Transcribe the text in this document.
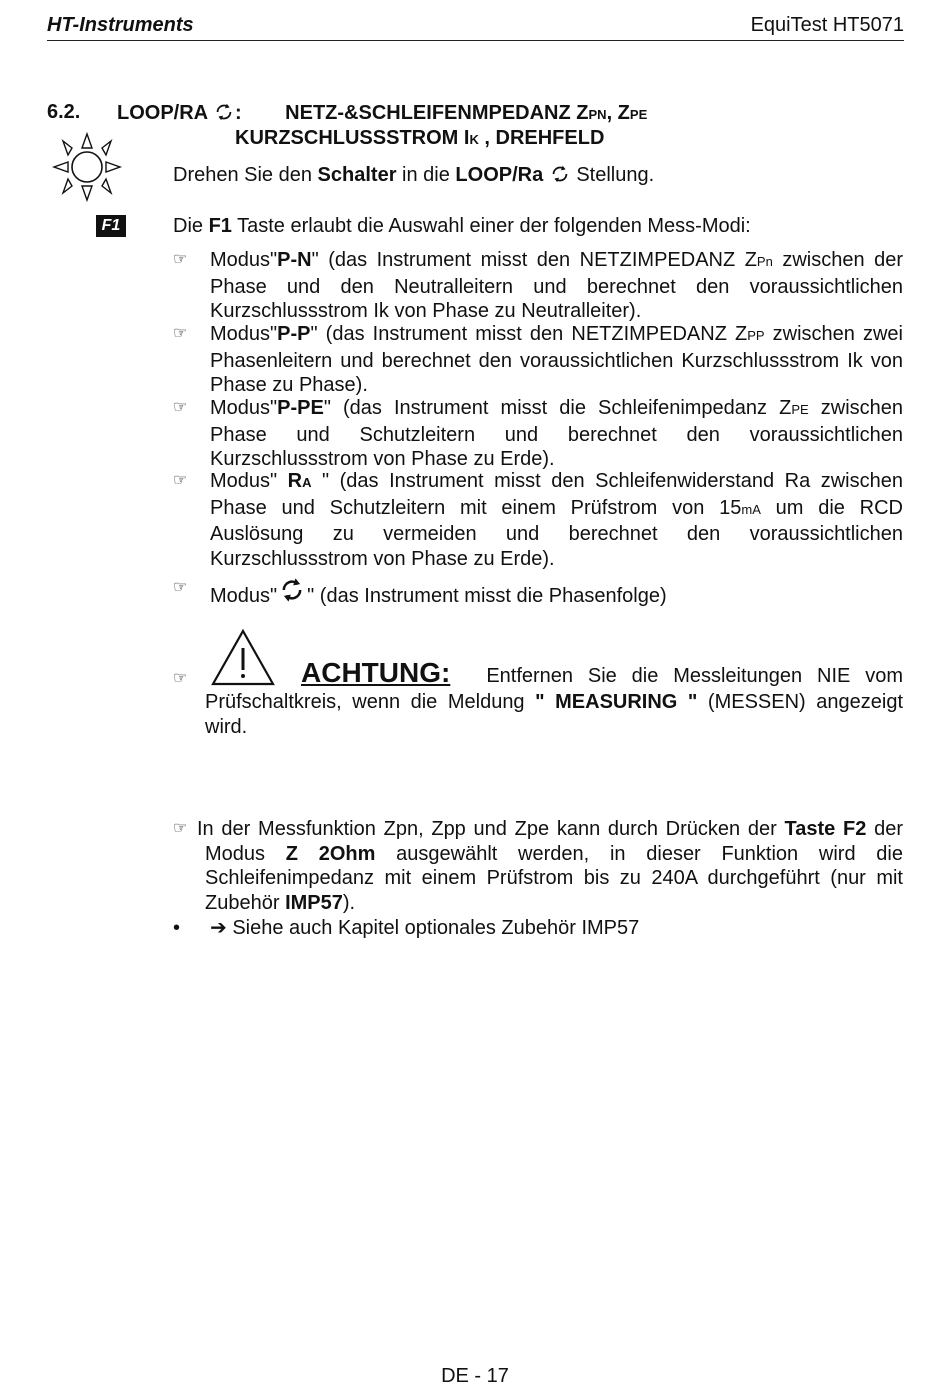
HT-Instruments	EquiTest HT5071
6.2. LOOP/RA : NETZ-&SCHLEIFENMPEDANZ ZPN, ZPE
KURZSCHLUSSSTROM IK , DREHFELD
Drehen Sie den Schalter in die LOOP/Ra  Stellung.
F1	Die F1 Taste erlaubt die Auswahl einer der folgenden Mess-Modi:
☞ Modus"P-N" (das Instrument misst den NETZIMPEDANZ ZPn zwischen der Phase und den Neutralleitern und berechnet den voraussichtlichen Kurzschlussstrom Ik von Phase zu Neutralleiter).
☞ Modus"P-P" (das Instrument misst den NETZIMPEDANZ ZPP zwischen zwei Phasenleitern und berechnet den voraussichtlichen Kurzschlussstrom Ik von Phase zu Phase).
☞ Modus"P-PE" (das Instrument misst die Schleifenimpedanz ZPE zwischen Phase und Schutzleitern und berechnet den voraussichtlichen Kurzschlussstrom von Phase zu Erde).
☞ Modus" RA " (das Instrument misst den Schleifenwiderstand Ra zwischen Phase und Schutzleitern mit einem Prüfstrom von 15mA um die RCD Auslösung zu vermeiden und berechnet den voraussichtlichen Kurzschlussstrom von Phase zu Erde).
☞ Modus" " (das Instrument misst die Phasenfolge)
☞	ACHTUNG: Entfernen Sie die Messleitungen NIE vom Prüfschaltkreis, wenn die Meldung " MEASURING " (MESSEN) angezeigt wird.
☞ In der Messfunktion Zpn, Zpp und Zpe kann durch Drücken der Taste F2 der Modus Z 2Ohm ausgewählt werden, in dieser Funktion wird die Schleifenimpedanz mit einem Prüfstrom bis zu 240A durchgeführt (nur mit Zubehör IMP57).
• ➔ Siehe auch Kapitel optionales Zubehör IMP57
DE - 17
